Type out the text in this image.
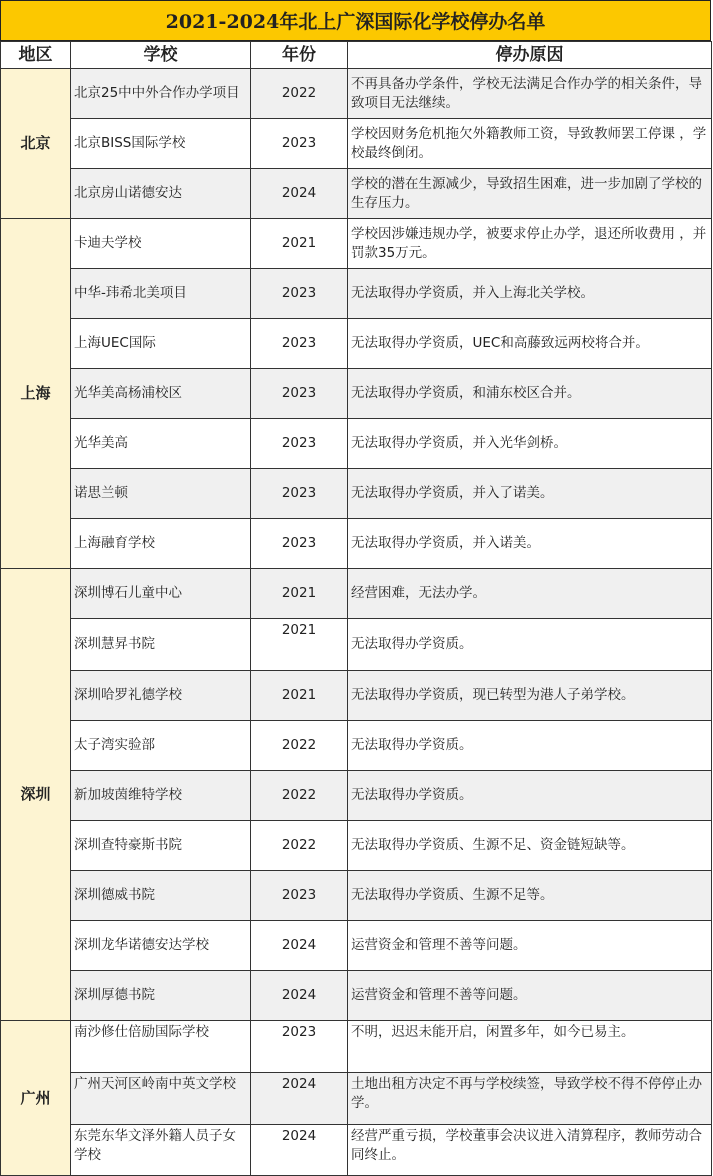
2021-2024年北上广深国际化学校停办名单
地区	学校	年份	停办原因
北京	北京25中中外合作办学项目	2022	不再具备办学条件，学校无法满足合作办学的相关条件，导致项目无法继续。
	北京BISS国际学校	2023	学校因财务危机拖欠外籍教师工资，导致教师罢工停课 ，学校最终倒闭。
	北京房山诺德安达	2024	学校的潜在生源减少，导致招生困难，进一步加剧了学校的生存压力。
上海	卡迪夫学校	2021	学校因涉嫌违规办学，被要求停止办学，退还所收费用 ，并罚款35万元。
	中华-玮希北美项目	2023	无法取得办学资质，并入上海北关学校。
	上海UEC国际	2023	无法取得办学资质，UEC和高藤致远两校将合并。
	光华美高杨浦校区	2023	无法取得办学资质，和浦东校区合并。
	光华美高	2023	无法取得办学资质，并入光华剑桥。
	诺思兰顿	2023	无法取得办学资质，并入了诺美。
	上海融育学校	2023	无法取得办学资质，并入诺美。
深圳	深圳博石儿童中心	2021	经营困难，无法办学。
	深圳慧昇书院	2021	无法取得办学资质。
	深圳哈罗礼德学校	2021	无法取得办学资质，现已转型为港人子弟学校。
	太子湾实验部	2022	无法取得办学资质。
	新加坡茵维特学校	2022	无法取得办学资质。
	深圳查特豪斯书院	2022	无法取得办学资质、生源不足、资金链短缺等。
	深圳德威书院	2023	无法取得办学资质、生源不足等。
	深圳龙华诺德安达学校	2024	运营资金和管理不善等问题。
	深圳厚德书院	2024	运营资金和管理不善等问题。
广州	南沙修仕倍励国际学校	2023	不明，迟迟未能开启，闲置多年，如今已易主。
	广州天河区岭南中英文学校	2024	土地出租方决定不再与学校续签，导致学校不得不停停止办学。
	东莞东华文泽外籍人员子女学校	2024	经营严重亏损，学校董事会决议进入清算程序，教师劳动合同终止。
